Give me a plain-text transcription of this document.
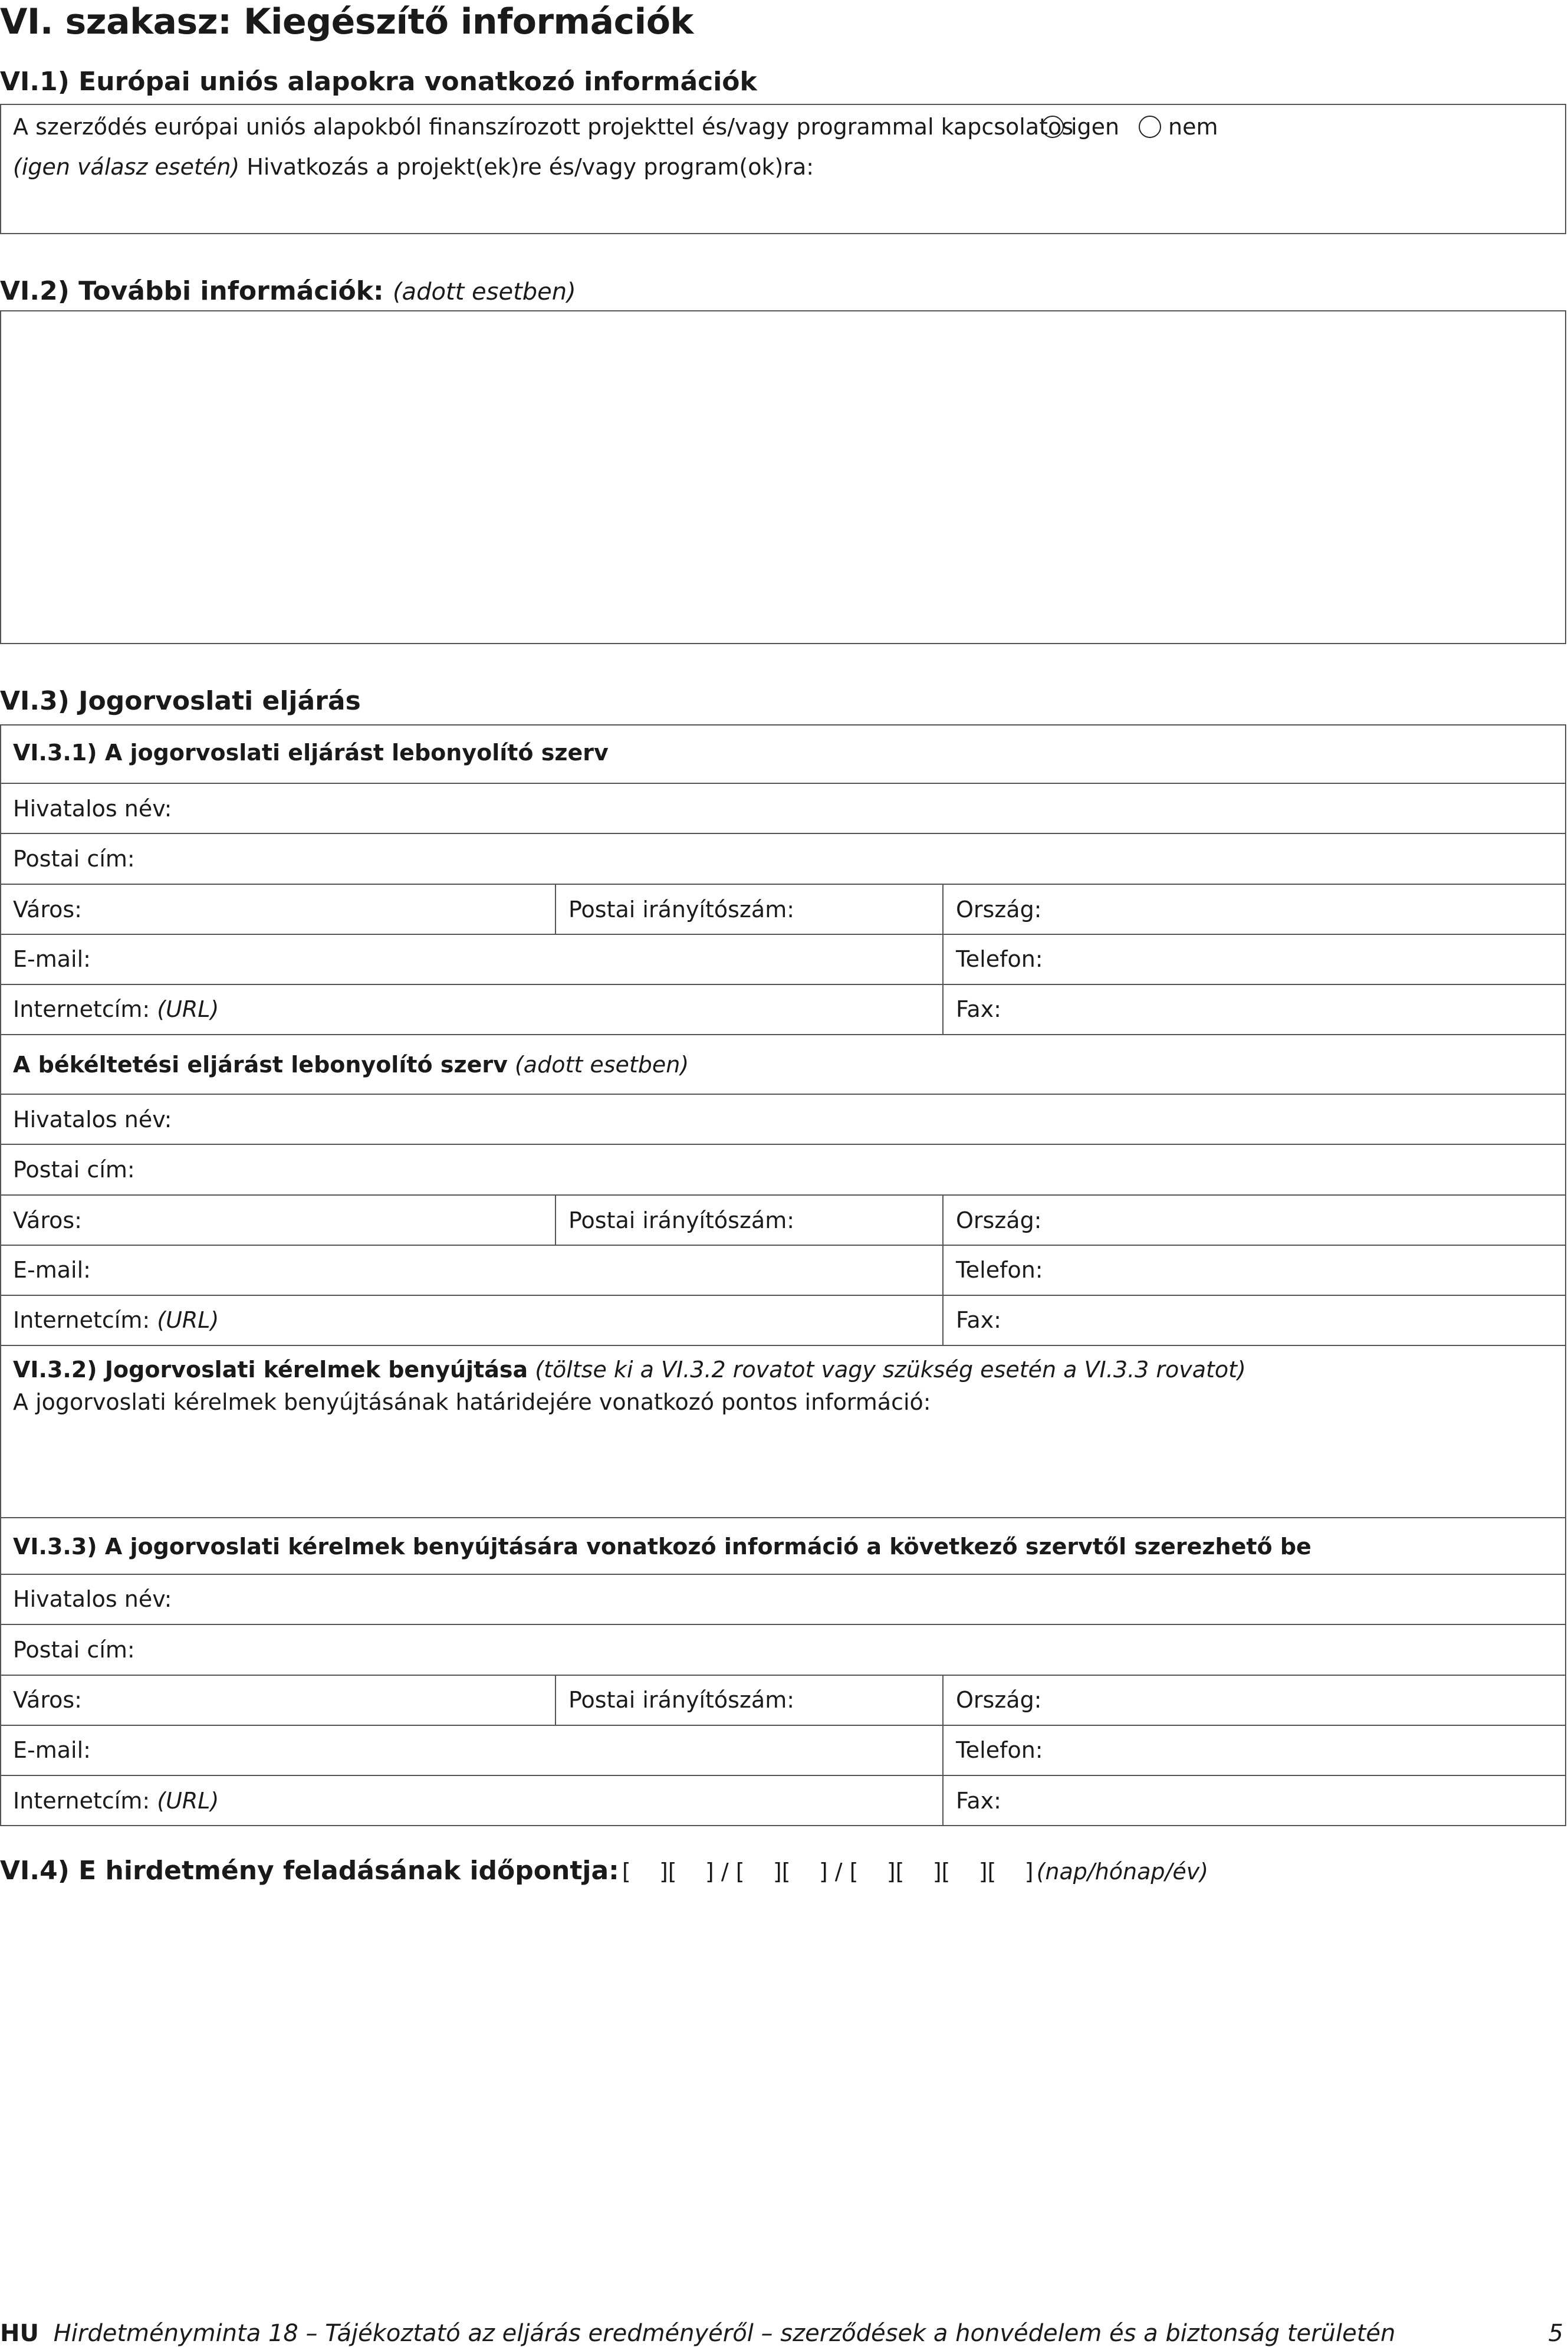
VI. szakasz: Kiegészítő információk
VI.1) Európai uniós alapokra vonatkozó információk
A szerződés európai uniós alapokból finanszírozott projekttel és/vagy programmal kapcsolatos
igen	nem
(igen válasz esetén) Hivatkozás a projekt(ek)re és/vagy program(ok)ra:
VI.2) További információk: (adott esetben)
VI.3) Jogorvoslati eljárás
VI.3.1) A jogorvoslati eljárást lebonyolító szerv
Hivatalos név:
Postai cím:
Város:	Postai irányítószám:	Ország:
E-mail:	Telefon:
Internetcím: (URL)	Fax:
A békéltetési eljárást lebonyolító szerv (adott esetben)
Hivatalos név:
Postai cím:
Város:	Postai irányítószám:	Ország:
E-mail:	Telefon:
Internetcím: (URL)	Fax:
VI.3.2) Jogorvoslati kérelmek benyújtása (töltse ki a VI.3.2 rovatot vagy szükség esetén a VI.3.3 rovatot)
A jogorvoslati kérelmek benyújtásának határidejére vonatkozó pontos információ:
VI.3.3) A jogorvoslati kérelmek benyújtására vonatkozó információ a következő szervtől szerezhető be
Hivatalos név:
Postai cím:
Város:	Postai irányítószám:	Ország:
E-mail:	Telefon:
Internetcím: (URL)	Fax:
VI.4) E hirdetmény feladásának időpontja: [    ][    ] / [    ][    ] / [    ][    ][    ][    ] (nap/hónap/év)
HU Hirdetményminta 18 – Tájékoztató az eljárás eredményéről – szerződések a honvédelem és a biztonság területén	5
